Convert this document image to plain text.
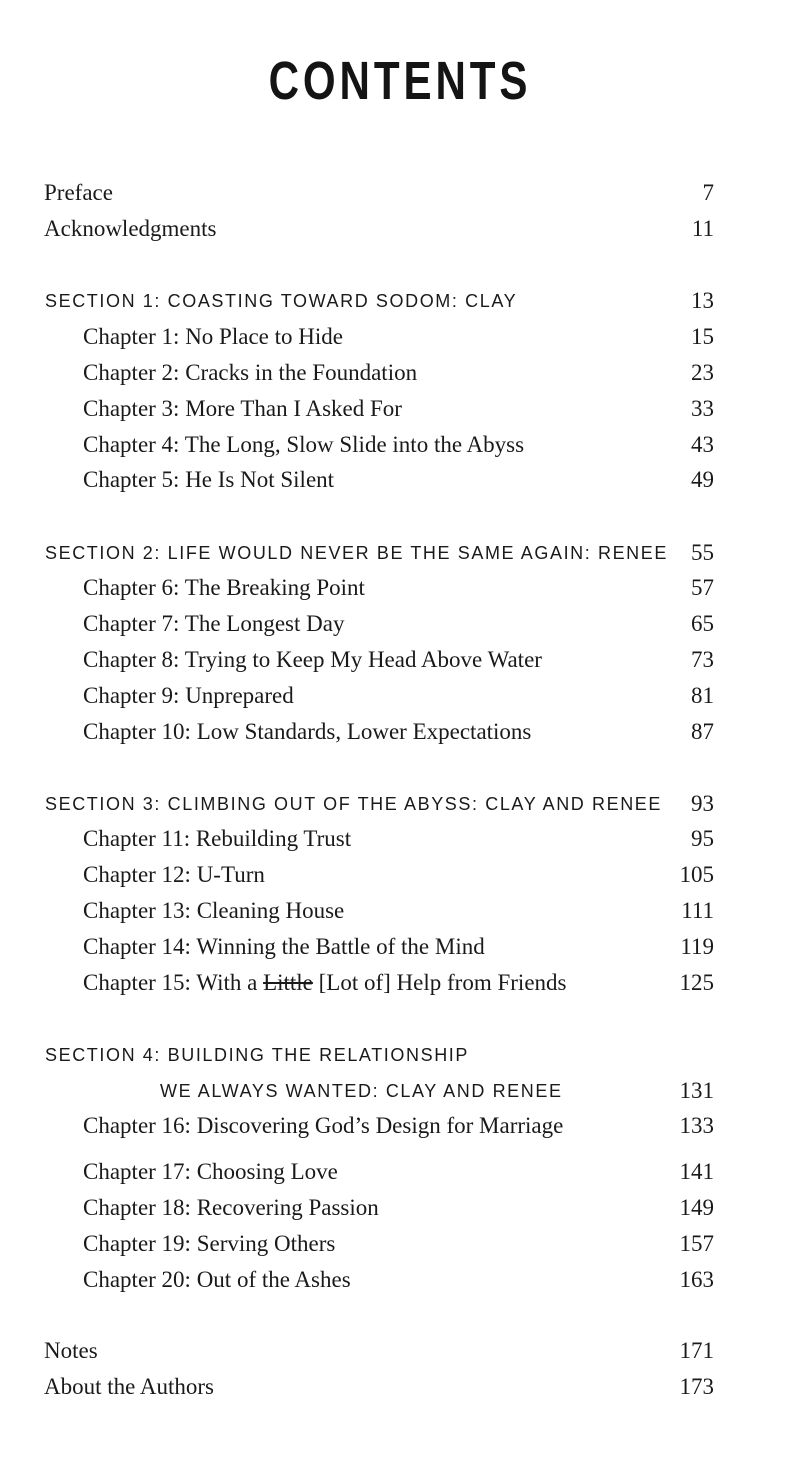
CONTENTS
Preface	7
Acknowledgments	11
SECTION 1: COASTING TOWARD SODOM: CLAY	13
Chapter 1: No Place to Hide	15
Chapter 2: Cracks in the Foundation	23
Chapter 3: More Than I Asked For	33
Chapter 4: The Long, Slow Slide into the Abyss	43
Chapter 5: He Is Not Silent	49
SECTION 2: LIFE WOULD NEVER BE THE SAME AGAIN: RENEE 55
Chapter 6: The Breaking Point	57
Chapter 7: The Longest Day	65
Chapter 8: Trying to Keep My Head Above Water	73
Chapter 9: Unprepared	81
Chapter 10: Low Standards, Lower Expectations	87
SECTION 3: CLIMBING OUT OF THE ABYSS: CLAY AND RENEE 93
Chapter 11: Rebuilding Trust	95
Chapter 12: U-Turn	105
Chapter 13: Cleaning House	111
Chapter 14: Winning the Battle of the Mind	119
Chapter 15: With a Little [Lot of] Help from Friends	125
SECTION 4: BUILDING THE RELATIONSHIP
WE ALWAYS WANTED: CLAY AND RENEE	131
Chapter 16: Discovering God’s Design for Marriage	133
Chapter 17: Choosing Love	141
Chapter 18: Recovering Passion	149
Chapter 19: Serving Others	157
Chapter 20: Out of the Ashes	163
Notes	171
About the Authors	173
